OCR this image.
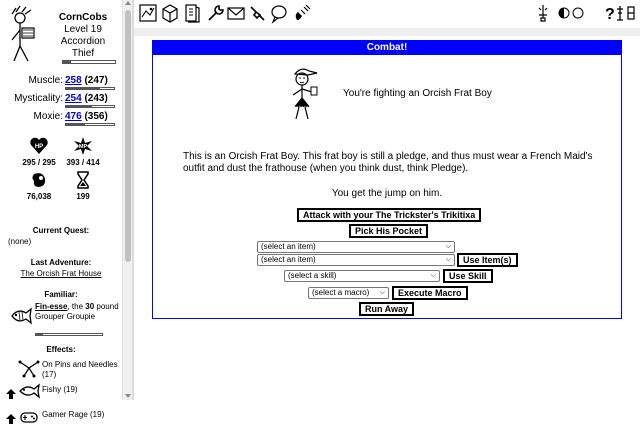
CornCobs
Level 19
Accordion
Thief
Muscle: 258 (247)
Mysticality: 254 (243)
Moxie: 476 (356)
HP
295 / 295
MP
393 / 414
76,038	199
Current Quest:
(none)
Last Adventure:
The Orcish Frat House
Familiar:
Fin-esse, the 30 pound Grouper Groupie
Effects:
On Pins and Needles (17)
Fishy (19)
Gamer Rage (19)
?
Combat!
You're fighting an Orcish Frat Boy
This is an Orcish Frat Boy. This frat boy is still a pledge, and thus must wear a French Maid's outfit and dust the frathouse (when you think dust, think Pledge).
You get the jump on him.
Attack with your The Trickster's Trikitixa
Pick His Pocket
(select an item)	⌵
(select an item)	⌵	Use Item(s)
(select a skill)	⌵	Use Skill
(select a macro) ⌵	Execute Macro
Run Away
